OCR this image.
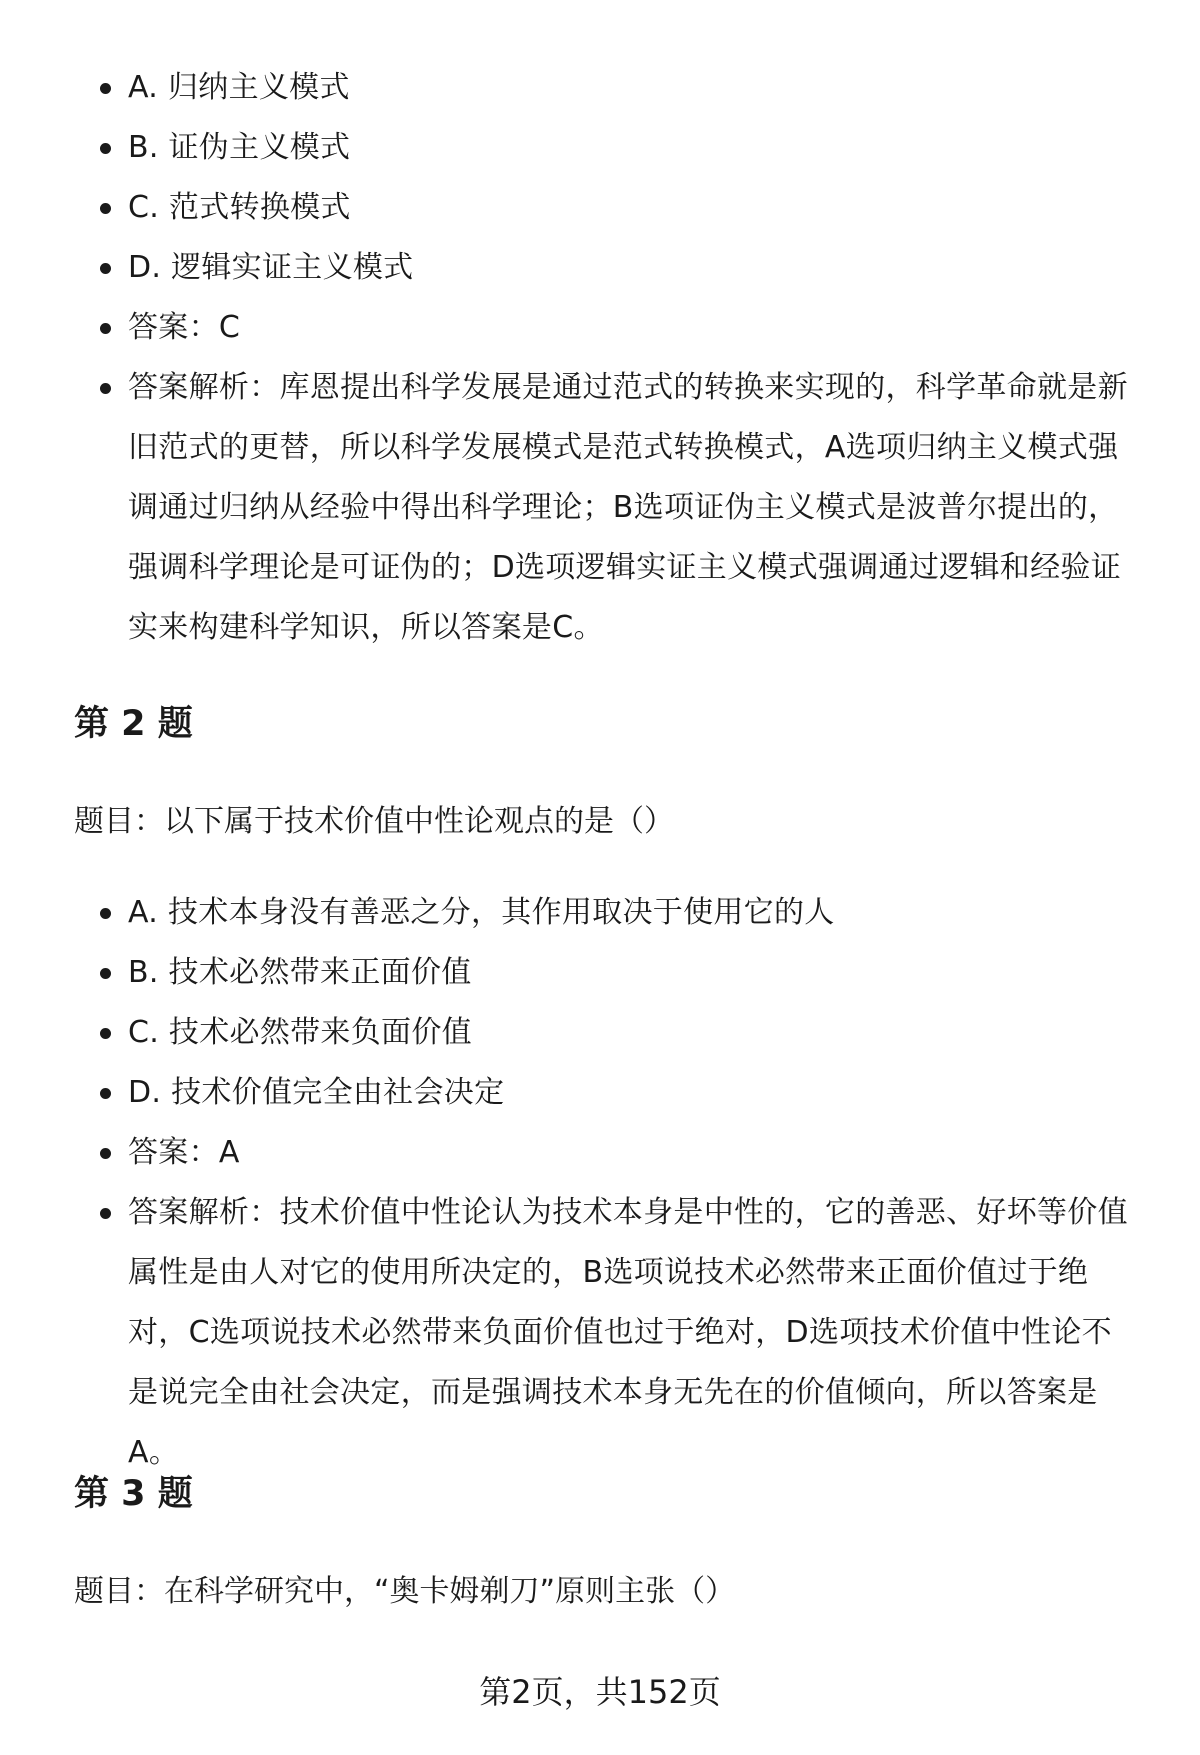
A. 归纳主义模式
B. 证伪主义模式
C. 范式转换模式
D. 逻辑实证主义模式
答案：C
答案解析：库恩提出科学发展是通过范式的转换来实现的，科学革命就是新旧范式的更替，所以科学发展模式是范式转换模式，A选项归纳主义模式强调通过归纳从经验中得出科学理论；B选项证伪主义模式是波普尔提出的，强调科学理论是可证伪的；D选项逻辑实证主义模式强调通过逻辑和经验证实来构建科学知识，所以答案是C。
第 2 题
题目：以下属于技术价值中性论观点的是（）
A. 技术本身没有善恶之分，其作用取决于使用它的人
B. 技术必然带来正面价值
C. 技术必然带来负面价值
D. 技术价值完全由社会决定
答案：A
答案解析：技术价值中性论认为技术本身是中性的，它的善恶、好坏等价值属性是由人对它的使用所决定的，B选项说技术必然带来正面价值过于绝对，C选项说技术必然带来负面价值也过于绝对，D选项技术价值中性论不是说完全由社会决定，而是强调技术本身无先在的价值倾向，所以答案是A。
第 3 题
题目：在科学研究中，“奥卡姆剃刀”原则主张（）
第2页，共152页
